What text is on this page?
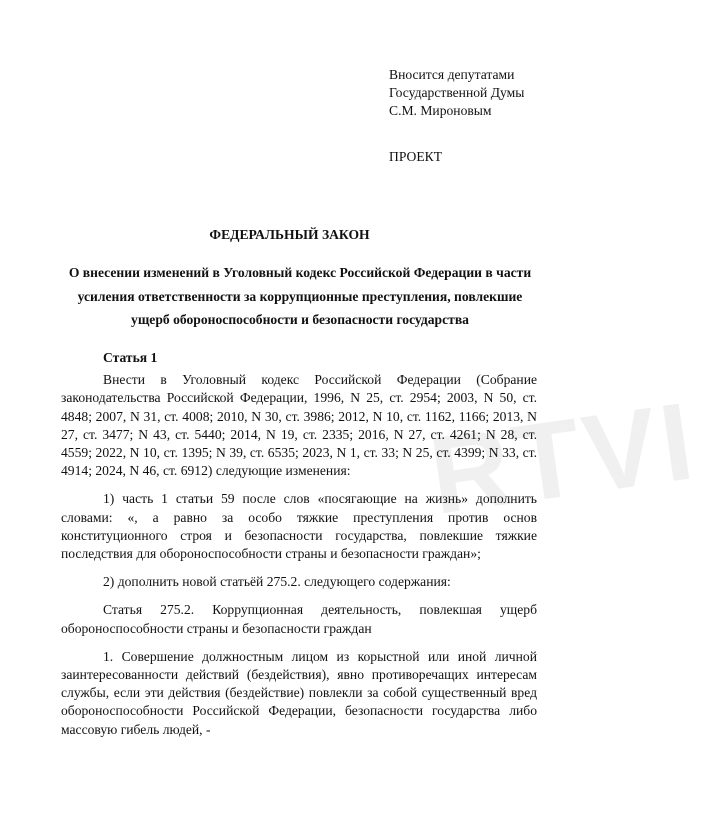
RTVI
Вносится депутатами
Государственной Думы
С.М. Мироновым
ПРОЕКТ
ФЕДЕРАЛЬНЫЙ ЗАКОН
О внесении изменений в Уголовный кодекс Российской Федерации в части усиления ответственности за коррупционные преступления, повлекшие ущерб обороноспособности и безопасности государства

Статья 1

Внести в Уголовный кодекс Российской Федерации (Собрание законодательства Российской Федерации, 1996, N 25, ст. 2954; 2003, N 50, ст. 4848; 2007, N 31, ст. 4008; 2010, N 30, ст. 3986; 2012, N 10, ст. 1162, 1166; 2013, N 27, ст. 3477; N 43, ст. 5440; 2014, N 19, ст. 2335; 2016, N 27, ст. 4261; N 28, ст. 4559; 2022, N 10, ст. 1395; N 39, ст. 6535; 2023, N 1, ст. 33; N 25, ст. 4399; N 33, ст. 4914; 2024, N 46, ст. 6912) следующие изменения:

1) часть 1 статьи 59 после слов «посягающие на жизнь» дополнить словами: «, а равно за особо тяжкие преступления против основ конституционного строя и безопасности государства, повлекшие тяжкие последствия для обороноспособности страны и безопасности граждан»;

2) дополнить новой статьёй 275.2. следующего содержания:

Статья 275.2. Коррупционная деятельность, повлекшая ущерб обороноспособности страны и безопасности граждан

1. Совершение должностным лицом из корыстной или иной личной заинтересованности действий (бездействия), явно противоречащих интересам службы, если эти действия (бездействие) повлекли за собой существенный вред обороноспособности Российской Федерации, безопасности государства либо массовую гибель людей, -
